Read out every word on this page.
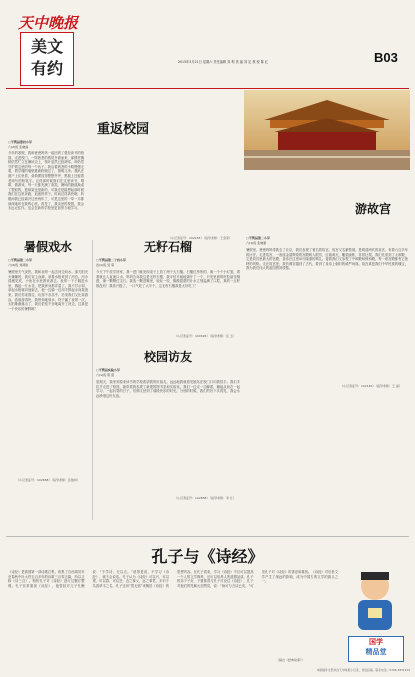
天中晚报
美文
有约	2015年3月21日 星期六 责任编辑 刘 利 美 编 刘 定 核 校 陈 红	B03
重返校园
□平舆县第四小学
六(2)班 张晓丽
今年的寒假，我和爸爸妈妈一起回到了曾经读书的校园。走进校门，一阵熟悉的感觉扑面而来，那棵老槐树依然伫立在操场边上，枝叶虽然已经凋零，却仍然守护着这里的每一个孩子。我沿着熟悉的小路慢慢走着，教学楼的墙壁重新粉刷过了，窗明几净。我趴在窗户上往里看，桌椅摆放得整整齐齐，黑板上还留着老师写的粉笔字。记得那时候我们在这里读书、唱歌、做游戏，每一天都充满了欢笑。操场的跑道换成了塑胶的，篮球架也是新的，可我还是能想起那时候我们在这里奔跑、追逐的样子。时间过得真快啊，转眼间我已经离开这里两年了，可是这里的一草一木都深深地印在我的心里。再见了，我亲爱的校园，我会永远记住你，也会在新的学校里更加努力地学习。
（小记者证号：102183）（指导老师：王金荣）
游故宫
□平舆县第二小学
六(1)班 张晓蕾
暑假里，爸爸妈妈带我去了北京，我们参观了著名的故宫。故宫又名紫禁城，是明清两代的皇宫，有着六百多年的历史。走进故宫，一座座金碧辉煌的宫殿映入眼帘，红墙黄瓦，雕梁画栋，非常壮观。我们先来到了太和殿，它是故宫里最大的宫殿，皇帝在这里举行隆重的典礼。接着我们又参观了中和殿和保和殿，每一座宫殿都有它独特的风格。走在故宫里，我仿佛穿越到了古代，看到了皇帝上朝时的威严场面。故宫真是我们中华民族的瑰宝，我为我们伟大的祖国感到骄傲。
（小记者证号：102149）（指导老师：王 丽）
暑假戏水
□平舆县第二小学
六(4)班 刘鸿锐
暑假里天气炎热，我和表哥一起去河边戏水。那天阳光火辣辣的，我们穿上泳裤，拿着水枪来到了河边。河水清澈见底，小鱼在水里游来游去。表哥一下子跳进水里，溅起一片水花，把我浑身都弄湿了。我不甘示弱，拿起水枪就向他射去，他一边躲一边用手捧起水向我泼来。我们你来我往，玩得不亦乐乎。后来我们又比赛游泳，看谁游得快，我拼命地划水，终于赢了表哥一次。太阳渐渐落山了，我们依依不舍地离开了河边，这真是一个快乐的暑假啊！
（小记者证号：102658）（指导老师：张俊岭）
无籽石榴
□平舆县第二十四小学
四(1)班 吴 曼
今天下午放学回家，我一进门就发现桌子上放了两个大石榴。石榴红彤彤的，像一个个小灯笼，看着就让人直流口水。妈妈告诉我这是无籽石榴，我半信半疑地剥开了一个，只见里面的籽粒晶莹剔透，像一颗颗红宝石。我放一颗进嘴里，轻轻一咬，酸酸甜甜的汁水立刻溢满了口腔，真的一点籽都没有！我高兴极了，一口气吃了大半个。这无籽石榴真是太好吃了！
（小记者证号：100326）（指导老师：任 玉）
校园访友
□平舆县实验小学
六(1)班 陈 滢
星期天，我来到原来读书的学校看望我的好朋友。远远地我就看见她站在校门口向我招手。我们手拉手走进了校园，她带着我参观了新建的图书室和实验室。我们一边走一边聊着，聊起从前在一起学习、一起玩耍的日子，仿佛又回到了那段快乐的时光。分别的时候，我们约好下次再见，我会永远珍惜这份友谊。
（小记者证号：102658）（指导老师：李 红）
孔子与《诗经》
《诗经》是我国第一部诗歌总集，收集了自西周初年至春秋中叶大约五百多年的诗歌三百零五篇，所以又称《诗三百》。相传孔子对《诗经》进行过删订整理。孔子非常重视《诗经》，他曾经对儿子孔鲤说：“不学诗，无以言。”意思是说，不学习《诗经》，就不会说话。孔子认为《诗经》可以兴、可以观、可以群、可以怨，近之事父，远之事君，多识于鸟兽草木之名。孔子还用“思无邪”来概括《诗经》的思想内容。在孔子看来，学习《诗经》不仅可以提高一个人的文学修养，还可以培养人的道德品质。孔子的弟子子贡、子夏都曾与孔子讨论过《诗经》，孔子对他们的见解大加赞赏，说：“始可与言诗已矣。”可见孔子对《诗经》的喜爱和重视。《诗经》对后世文学产生了深远的影响，成为中国古典文学的源头之一。
（摘自《经典故事》）
国学
精品堂
本版稿件全部来自天中晚报小记者，欢迎投稿。联系电话：0396-3831919
